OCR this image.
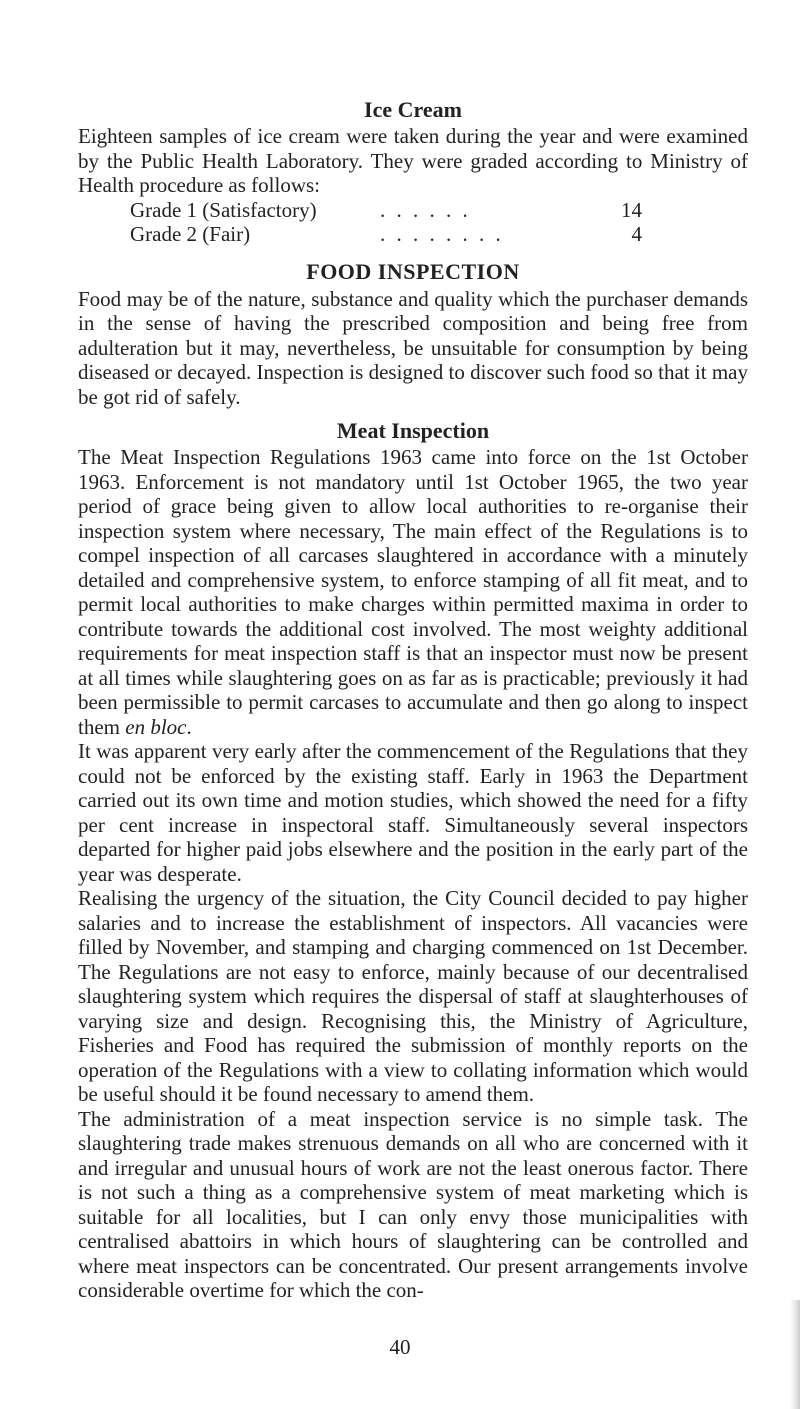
Ice Cream

Eighteen samples of ice cream were taken during the year and were examined by the Public Health Laboratory. They were graded according to Ministry of Health procedure as follows:

Grade 1 (Satisfactory)	. . . . . .	14
Grade 2 (Fair)	. . . . . . . .	4
FOOD INSPECTION

Food may be of the nature, substance and quality which the purchaser demands in the sense of having the prescribed composition and being free from adulteration but it may, nevertheless, be unsuitable for consumption by being diseased or decayed. Inspection is designed to discover such food so that it may be got rid of safely.

Meat Inspection

The Meat Inspection Regulations 1963 came into force on the 1st October 1963. Enforcement is not mandatory until 1st October 1965, the two year period of grace being given to allow local authorities to re-organise their inspection system where necessary, The main effect of the Regulations is to compel inspection of all carcases slaughtered in accordance with a minutely detailed and comprehensive system, to enforce stamping of all fit meat, and to permit local authorities to make charges within permitted maxima in order to contribute towards the additional cost involved. The most weighty additional requirements for meat inspection staff is that an inspector must now be present at all times while slaughtering goes on as far as is practicable; previously it had been permissible to permit carcases to accumulate and then go along to inspect them en bloc.

It was apparent very early after the commencement of the Regulations that they could not be enforced by the existing staff. Early in 1963 the Department carried out its own time and motion studies, which showed the need for a fifty per cent increase in inspectoral staff. Simultaneously several inspectors departed for higher paid jobs elsewhere and the position in the early part of the year was desperate.

Realising the urgency of the situation, the City Council decided to pay higher salaries and to increase the establishment of inspectors. All vacancies were filled by November, and stamping and charging commenced on 1st December. The Regulations are not easy to enforce, mainly because of our decentralised slaughtering system which requires the dispersal of staff at slaughterhouses of varying size and design. Recognising this, the Ministry of Agriculture, Fisheries and Food has required the submission of monthly reports on the operation of the Regulations with a view to collating information which would be useful should it be found necessary to amend them.

The administration of a meat inspection service is no simple task. The slaughtering trade makes strenuous demands on all who are concerned with it and irregular and unusual hours of work are not the least onerous factor. There is not such a thing as a comprehensive system of meat marketing which is suitable for all localities, but I can only envy those municipalities with centralised abattoirs in which hours of slaughtering can be controlled and where meat inspectors can be concentrated. Our present arrangements involve considerable overtime for which the con-

40
